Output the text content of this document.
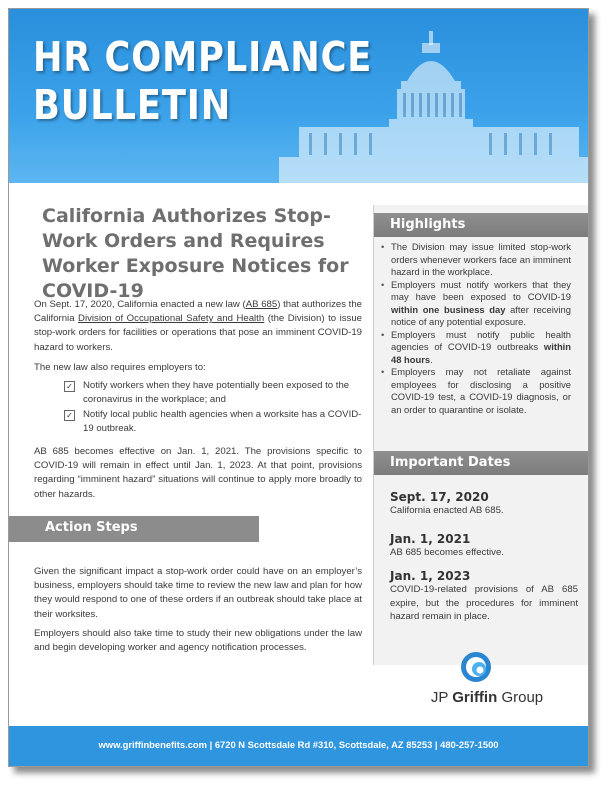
HR COMPLIANCE
BULLETIN
California Authorizes Stop-Work Orders and Requires Worker Exposure Notices for COVID-19
On Sept. 17, 2020, California enacted a new law (AB 685) that authorizes the California Division of Occupational Safety and Health (the Division) to issue stop-work orders for facilities or operations that pose an imminent COVID-19 hazard to workers.
The new law also requires employers to:
✓ Notify workers when they have potentially been exposed to the coronavirus in the workplace; and
✓ Notify local public health agencies when a worksite has a COVID-19 outbreak.
AB 685 becomes effective on Jan. 1, 2021. The provisions specific to COVID-19 will remain in effect until Jan. 1, 2023. At that point, provisions regarding “imminent hazard” situations will continue to apply more broadly to other hazards.
Action Steps
Given the significant impact a stop-work order could have on an employer’s business, employers should take time to review the new law and plan for how they would respond to one of these orders if an outbreak should take place at their worksites.
Employers should also take time to study their new obligations under the law and begin developing worker and agency notification processes.
Highlights
Important Dates
• The Division may issue limited stop-work orders whenever workers face an imminent hazard in the workplace.
• Employers must notify workers that they may have been exposed to COVID-19 within one business day after receiving notice of any potential exposure.
• Employers must notify public health agencies of COVID-19 outbreaks within 48 hours.
• Employers may not retaliate against employees for disclosing a positive COVID-19 test, a COVID-19 diagnosis, or an order to quarantine or isolate.
Sept. 17, 2020
California enacted AB 685.
Jan. 1, 2021
AB 685 becomes effective.
Jan. 1, 2023
COVID-19-related provisions of AB 685 expire, but the procedures for imminent hazard remain in place.
JP Griffin Group
www.griffinbenefits.com | 6720 N Scottsdale Rd #310, Scottsdale, AZ 85253 | 480-257-1500
